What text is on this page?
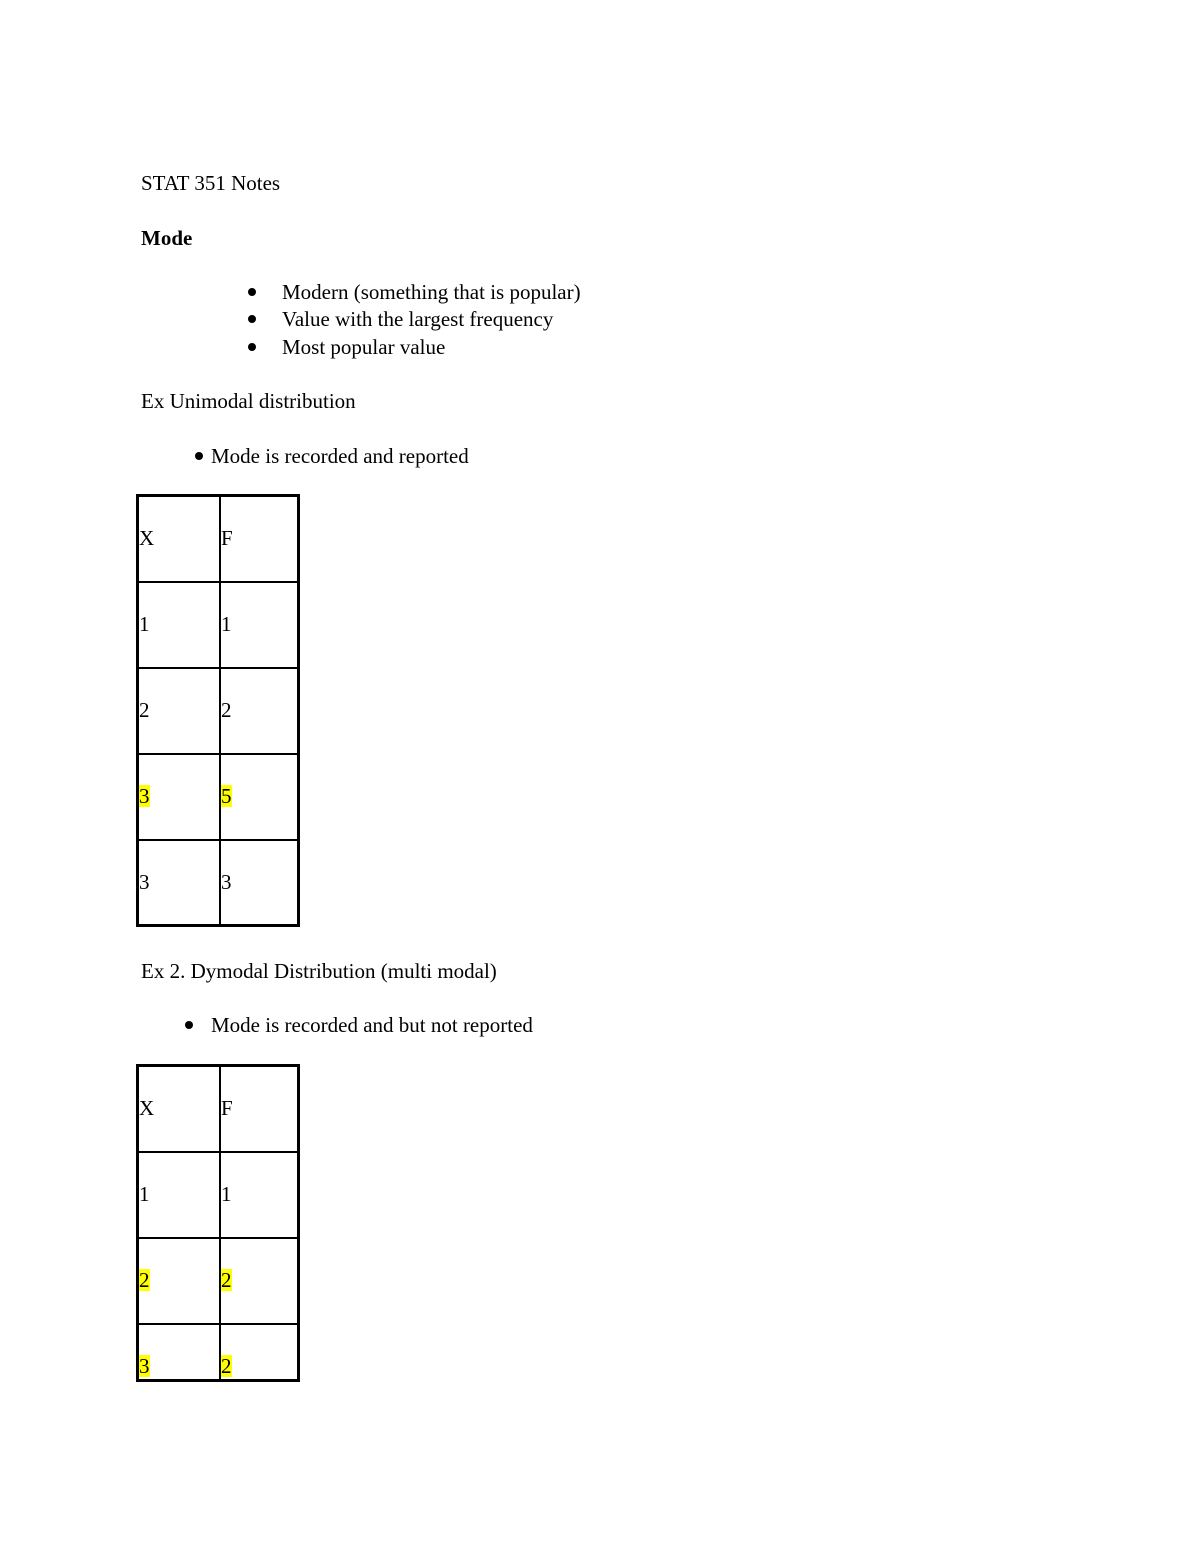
STAT 351 Notes
Mode
Modern (something that is popular)
Value with the largest frequency
Most popular value
Ex Unimodal distribution
Mode is recorded and reported
X	F
1	1
2	2
3	5
3	3
Ex 2. Dymodal Distribution (multi modal)
Mode is recorded and but not reported
X	F
1	1
2	2
3	2
